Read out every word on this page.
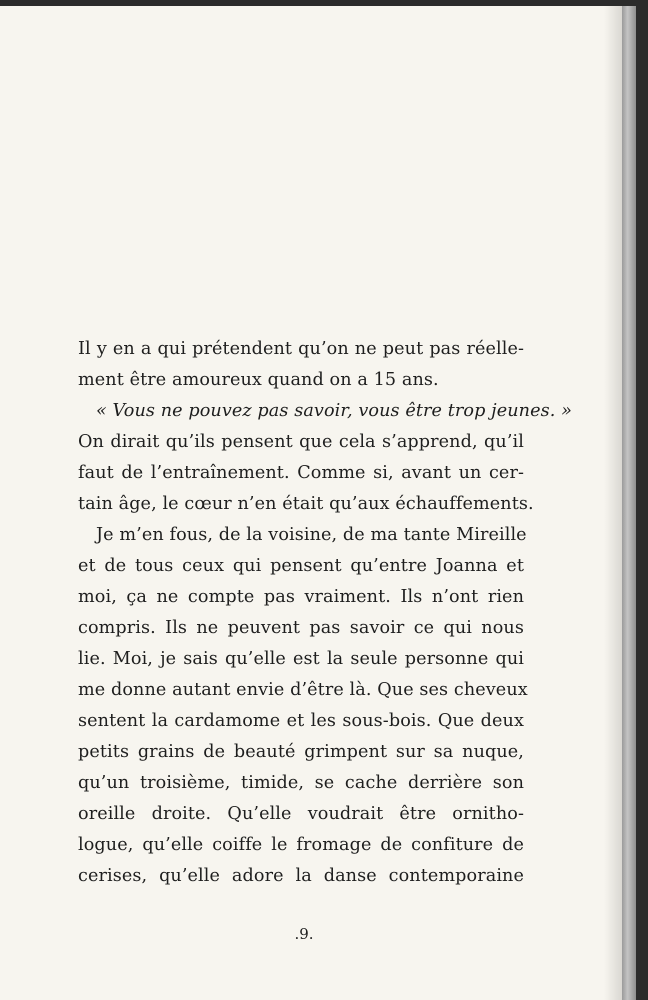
Il y en a qui prétendent qu’on ne peut pas réelle-
ment être amoureux quand on a 15 ans.
« Vous ne pouvez pas savoir, vous être trop jeunes. »
On dirait qu’ils pensent que cela s’apprend, qu’il
faut de l’entraînement. Comme si, avant un cer-
tain âge, le cœur n’en était qu’aux échauffements.
Je m’en fous, de la voisine, de ma tante Mireille
et de tous ceux qui pensent qu’entre Joanna et
moi, ça ne compte pas vraiment. Ils n’ont rien
compris. Ils ne peuvent pas savoir ce qui nous
lie. Moi, je sais qu’elle est la seule personne qui
me donne autant envie d’être là. Que ses cheveux
sentent la cardamome et les sous-bois. Que deux
petits grains de beauté grimpent sur sa nuque,
qu’un troisième, timide, se cache derrière son
oreille droite. Qu’elle voudrait être ornitho-
logue, qu’elle coiffe le fromage de confiture de
cerises, qu’elle adore la danse contemporaine
.9.
